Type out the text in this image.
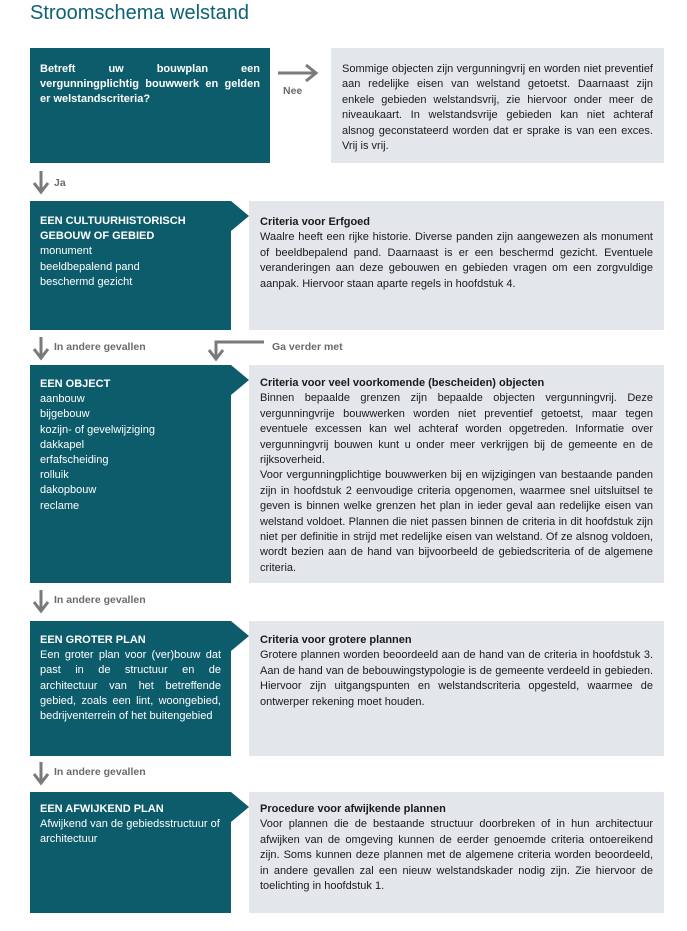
Stroomschema welstand
Betreft uw bouwplan een vergunningplichtig bouwwerk en gelden er welstandscriteria?
Nee
Sommige objecten zijn vergunningvrij en worden niet preventief aan redelijke eisen van welstand getoetst. Daarnaast zijn enkele gebieden welstandsvrij, zie hiervoor onder meer de niveaukaart. In welstandsvrije gebieden kan niet achteraf alsnog geconstateerd worden dat er sprake is van een exces. Vrij is vrij.
Ja
EEN CULTUURHISTORISCH GEBOUW OF GEBIED
monument
beeldbepalend pand
beschermd gezicht
Criteria voor Erfgoed
Waalre heeft een rijke historie. Diverse panden zijn aangewezen als monument of beeldbepalend pand. Daarnaast is er een beschermd gezicht. Eventuele veranderingen aan deze gebouwen en gebieden vragen om een zorgvuldige aanpak. Hiervoor staan aparte regels in hoofdstuk 4.
In andere gevallen	Ga verder met
EEN OBJECT
aanbouw
bijgebouw
kozijn- of gevelwijziging
dakkapel
erfafscheiding
rolluik
dakopbouw
reclame
Criteria voor veel voorkomende (bescheiden) objecten
Binnen bepaalde grenzen zijn bepaalde objecten vergunningvrij. Deze vergunningvrije bouwwerken worden niet preventief getoetst, maar tegen eventuele excessen kan wel achteraf worden opgetreden. Informatie over vergunningvrij bouwen kunt u onder meer verkrijgen bij de gemeente en de rijksoverheid.
Voor vergunningplichtige bouwwerken bij en wijzigingen van bestaande panden zijn in hoofdstuk 2 eenvoudige criteria opgenomen, waarmee snel uitsluitsel te geven is binnen welke grenzen het plan in ieder geval aan redelijke eisen van welstand voldoet. Plannen die niet passen binnen de criteria in dit hoofdstuk zijn niet per definitie in strijd met redelijke eisen van welstand. Of ze alsnog voldoen, wordt bezien aan de hand van bijvoorbeeld de gebiedscriteria of de algemene criteria.
In andere gevallen
EEN GROTER PLAN
Een groter plan voor (ver)bouw dat past in de structuur en de architectuur van het betreffende gebied, zoals een lint, woongebied, bedrijventerrein of het buitengebied
Criteria voor grotere plannen
Grotere plannen worden beoordeeld aan de hand van de criteria in hoofdstuk 3. Aan de hand van de bebouwingstypologie is de gemeente verdeeld in gebieden. Hiervoor zijn uitgangspunten en welstandscriteria opgesteld, waarmee de ontwerper rekening moet houden.
In andere gevallen
EEN AFWIJKEND PLAN
Afwijkend van de gebiedsstructuur of architectuur
Procedure voor afwijkende plannen
Voor plannen die de bestaande structuur doorbreken of in hun architectuur afwijken van de omgeving kunnen de eerder genoemde criteria ontoereikend zijn. Soms kunnen deze plannen met de algemene criteria worden beoordeeld, in andere gevallen zal een nieuw welstandskader nodig zijn. Zie hiervoor de toelichting in hoofdstuk 1.
